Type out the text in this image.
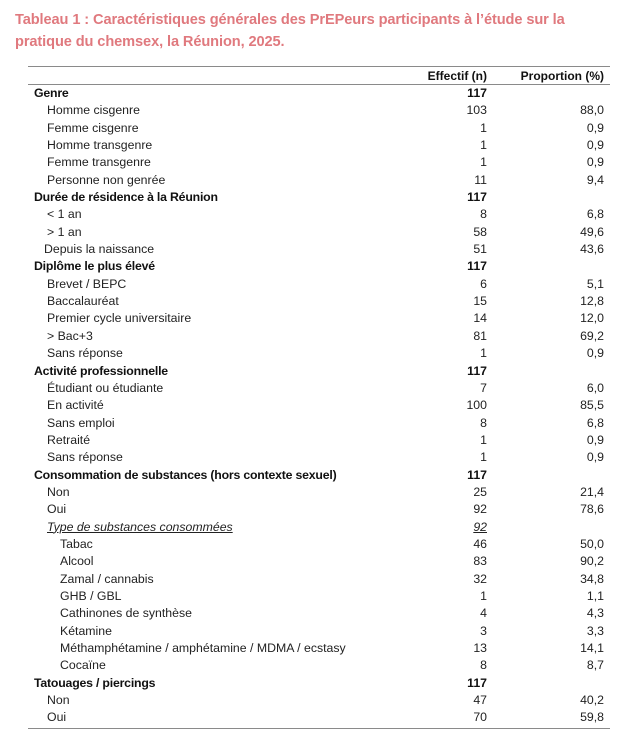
Tableau 1 : Caractéristiques générales des PrEPeurs participants à l’étude sur la pratique du chemsex, la Réunion, 2025.
Effectif (n)	Proportion (%)
Genre	117
Homme cisgenre	103	88,0
Femme cisgenre	1	0,9
Homme transgenre	1	0,9
Femme transgenre	1	0,9
Personne non genrée	11	9,4
Durée de résidence à la Réunion	117
< 1 an	8	6,8
> 1 an	58	49,6
Depuis la naissance	51	43,6
Diplôme le plus élevé	117
Brevet / BEPC	6	5,1
Baccalauréat	15	12,8
Premier cycle universitaire	14	12,0
> Bac+3	81	69,2
Sans réponse	1	0,9
Activité professionnelle	117
Étudiant ou étudiante	7	6,0
En activité	100	85,5
Sans emploi	8	6,8
Retraité	1	0,9
Sans réponse	1	0,9
Consommation de substances (hors contexte sexuel)	117
Non	25	21,4
Oui	92	78,6
Type de substances consommées	92
Tabac	46	50,0
Alcool	83	90,2
Zamal / cannabis	32	34,8
GHB / GBL	1	1,1
Cathinones de synthèse	4	4,3
Kétamine	3	3,3
Méthamphétamine / amphétamine / MDMA / ecstasy	13	14,1
Cocaïne	8	8,7
Tatouages / piercings	117
Non	47	40,2
Oui	70	59,8
